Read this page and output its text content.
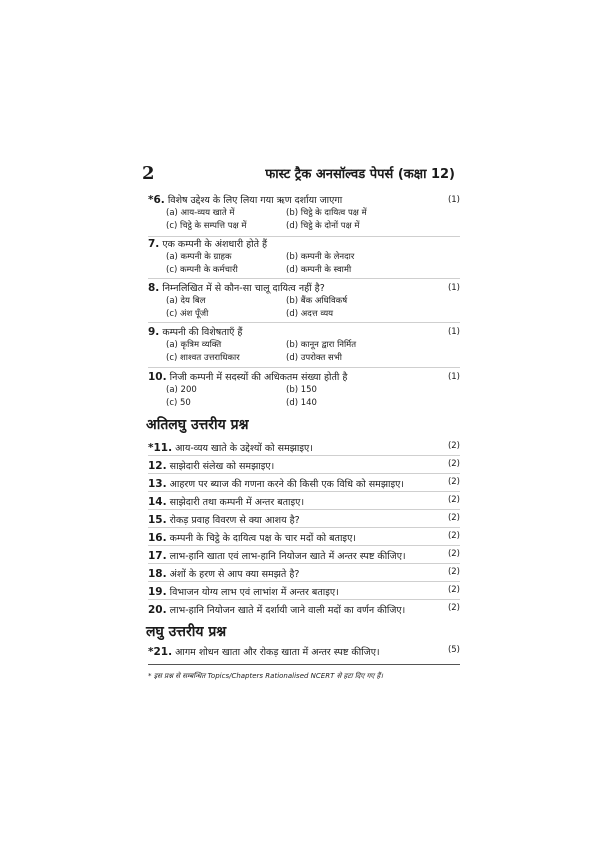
2	फास्ट ट्रैक अनसॉल्वड पेपर्स (कक्षा 12)
*6. विशेष उद्देश्य के लिए लिया गया ऋण दर्शाया जाएगा	(1)
(a) आय-व्यय खाते में	(b) चिट्ठे के दायित्व पक्ष में
(c) चिट्ठे के सम्पत्ति पक्ष में	(d) चिट्ठे के दोनों पक्ष में
7. एक कम्पनी के अंशधारी होते हैं
(a) कम्पनी के ग्राहक	(b) कम्पनी के लेनदार
(c) कम्पनी के कर्मचारी	(d) कम्पनी के स्वामी
8. निम्नलिखित में से कौन-सा चालू दायित्व नहीं है?	(1)
(a) देय बिल	(b) बैंक अधिविकर्ष
(c) अंश पूँजी	(d) अदत्त व्यय
9. कम्पनी की विशेषताएँ हैं	(1)
(a) कृत्रिम व्यक्ति	(b) कानून द्वारा निर्मित
(c) शाश्वत उत्तराधिकार	(d) उपरोक्त सभी
10. निजी कम्पनी में सदस्यों की अधिकतम संख्या होती है	(1)
(a) 200	(b) 150
(c) 50	(d) 140
अतिलघु उत्तरीय प्रश्न
*11. आय-व्यय खाते के उद्देश्यों को समझाइए।	(2)
12. साझेदारी संलेख को समझाइए।	(2)
13. आहरण पर ब्याज की गणना करने की किसी एक विधि को समझाइए।	(2)
14. साझेदारी तथा कम्पनी में अन्तर बताइए।	(2)
15. रोकड़ प्रवाह विवरण से क्या आशय है?	(2)
16. कम्पनी के चिट्ठे के दायित्व पक्ष के चार मदों को बताइए।	(2)
17. लाभ-हानि खाता एवं लाभ-हानि नियोजन खाते में अन्तर स्पष्ट कीजिए।	(2)
18. अंशों के हरण से आप क्या समझते है?	(2)
19. विभाजन योग्य लाभ एवं लाभांश में अन्तर बताइए।	(2)
20. लाभ-हानि नियोजन खाते में दर्शायी जाने वाली मदों का वर्णन कीजिए।	(2)
लघु उत्तरीय प्रश्न
*21. आगम शोधन खाता और रोकड़ खाता में अन्तर स्पष्ट कीजिए।	(5)
* इस प्रश्न से सम्बन्धित Topics/Chapters Rationalised NCERT से हटा दिए गए हैं।
